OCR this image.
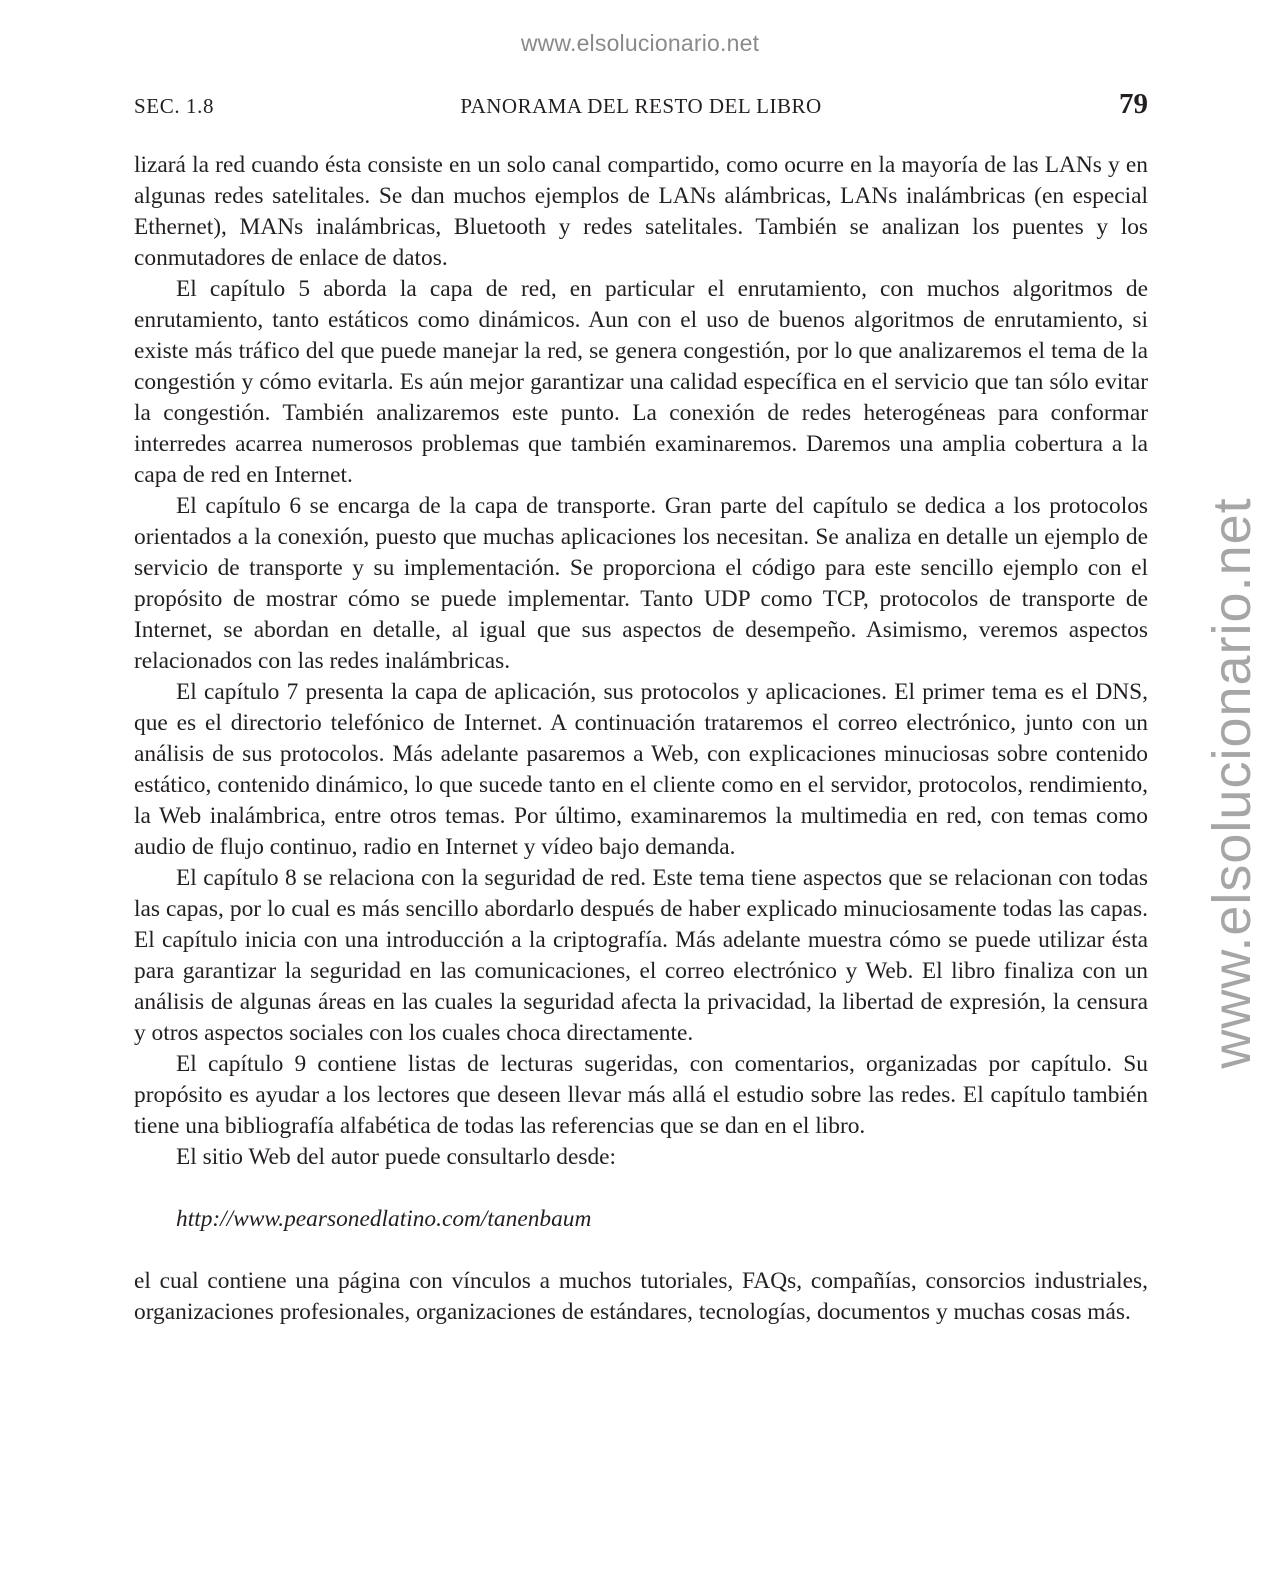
www.elsolucionario.net
www.elsolucionario.net
SEC. 1.8	PANORAMA DEL RESTO DEL LIBRO	79

lizará la red cuando ésta consiste en un solo canal compartido, como ocurre en la mayoría de las LANs y en algunas redes satelitales. Se dan muchos ejemplos de LANs alámbricas, LANs inalámbricas (en especial Ethernet), MANs inalámbricas, Bluetooth y redes satelitales. También se analizan los puentes y los conmutadores de enlace de datos.

El capítulo 5 aborda la capa de red, en particular el enrutamiento, con muchos algoritmos de enrutamiento, tanto estáticos como dinámicos. Aun con el uso de buenos algoritmos de enrutamiento, si existe más tráfico del que puede manejar la red, se genera congestión, por lo que analizaremos el tema de la congestión y cómo evitarla. Es aún mejor garantizar una calidad específica en el servicio que tan sólo evitar la congestión. También analizaremos este punto. La conexión de redes heterogéneas para conformar interredes acarrea numerosos problemas que también examinaremos. Daremos una amplia cobertura a la capa de red en Internet.

El capítulo 6 se encarga de la capa de transporte. Gran parte del capítulo se dedica a los protocolos orientados a la conexión, puesto que muchas aplicaciones los necesitan. Se analiza en detalle un ejemplo de servicio de transporte y su implementación. Se proporciona el código para este sencillo ejemplo con el propósito de mostrar cómo se puede implementar. Tanto UDP como TCP, protocolos de transporte de Internet, se abordan en detalle, al igual que sus aspectos de desempeño. Asimismo, veremos aspectos relacionados con las redes inalámbricas.

El capítulo 7 presenta la capa de aplicación, sus protocolos y aplicaciones. El primer tema es el DNS, que es el directorio telefónico de Internet. A continuación trataremos el correo electrónico, junto con un análisis de sus protocolos. Más adelante pasaremos a Web, con explicaciones minuciosas sobre contenido estático, contenido dinámico, lo que sucede tanto en el cliente como en el servidor, protocolos, rendimiento, la Web inalámbrica, entre otros temas. Por último, examinaremos la multimedia en red, con temas como audio de flujo continuo, radio en Internet y vídeo bajo demanda.

El capítulo 8 se relaciona con la seguridad de red. Este tema tiene aspectos que se relacionan con todas las capas, por lo cual es más sencillo abordarlo después de haber explicado minuciosamente todas las capas. El capítulo inicia con una introducción a la criptografía. Más adelante muestra cómo se puede utilizar ésta para garantizar la seguridad en las comunicaciones, el correo electrónico y Web. El libro finaliza con un análisis de algunas áreas en las cuales la seguridad afecta la privacidad, la libertad de expresión, la censura y otros aspectos sociales con los cuales choca directamente.

El capítulo 9 contiene listas de lecturas sugeridas, con comentarios, organizadas por capítulo. Su propósito es ayudar a los lectores que deseen llevar más allá el estudio sobre las redes. El capítulo también tiene una bibliografía alfabética de todas las referencias que se dan en el libro.

El sitio Web del autor puede consultarlo desde:

http://www.pearsonedlatino.com/tanenbaum

el cual contiene una página con vínculos a muchos tutoriales, FAQs, compañías, consorcios industriales, organizaciones profesionales, organizaciones de estándares, tecnologías, documentos y muchas cosas más.
